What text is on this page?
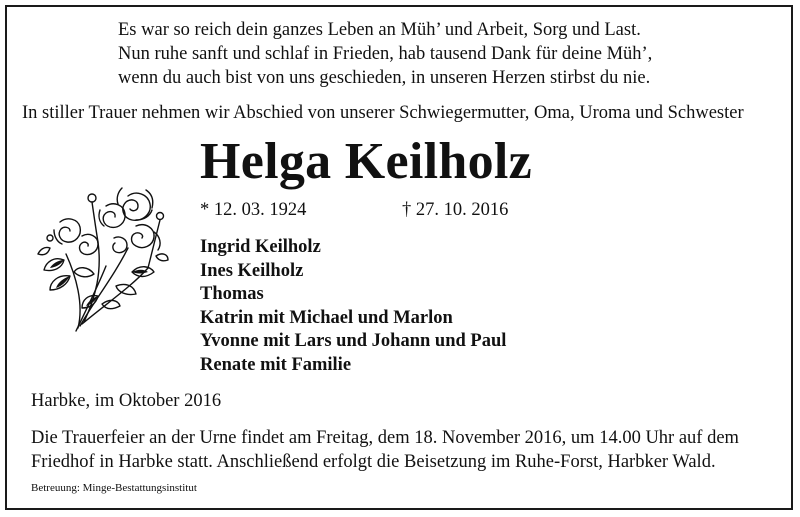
Es war so reich dein ganzes Leben an Müh’ und Arbeit, Sorg und Last.
Nun ruhe sanft und schlaf in Frieden, hab tausend Dank für deine Müh’,
wenn du auch bist von uns geschieden, in unseren Herzen stirbst du nie.
In stiller Trauer nehmen wir Abschied von unserer Schwiegermutter, Oma, Uroma und Schwester
Helga Keilholz
* 12. 03. 1924	† 27. 10. 2016
Ingrid Keilholz
Ines Keilholz
Thomas
Katrin mit Michael und Marlon
Yvonne mit Lars und Johann und Paul
Renate mit Familie
Harbke, im Oktober 2016
Die Trauerfeier an der Urne findet am Freitag, dem 18. November 2016, um 14.00 Uhr auf dem
Friedhof in Harbke statt. Anschließend erfolgt die Beisetzung im Ruhe-Forst, Harbker Wald.
Betreuung: Minge-Bestattungsinstitut
